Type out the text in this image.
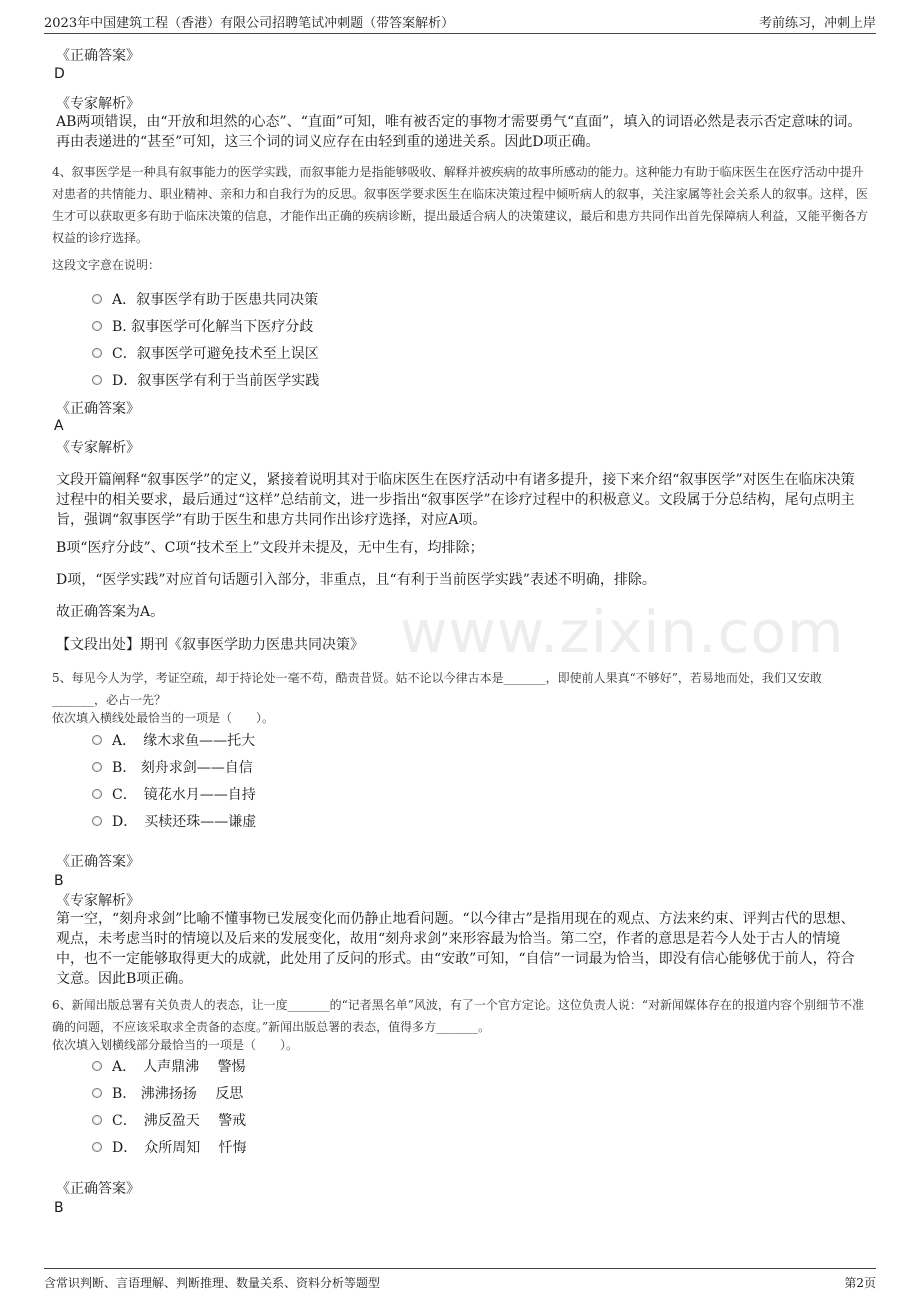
2023年中国建筑工程（香港）有限公司招聘笔试冲刺题（带答案解析）	考前练习，冲刺上岸
www.zixin.com
《正确答案》
D
《专家解析》
AB两项错误，由“开放和坦然的心态”、“直面”可知，唯有被否定的事物才需要勇气“直面”，填入的词语必然是表示否定意味的词。再由表递进的“甚至”可知，这三个词的词义应存在由轻到重的递进关系。因此D项正确。
4、叙事医学是一种具有叙事能力的医学实践，而叙事能力是指能够吸收、解释并被疾病的故事所感动的能力。这种能力有助于临床医生在医疗活动中提升对患者的共情能力、职业精神、亲和力和自我行为的反思。叙事医学要求医生在临床决策过程中倾听病人的叙事，关注家属等社会关系人的叙事。这样，医生才可以获取更多有助于临床决策的信息，才能作出正确的疾病诊断，提出最适合病人的决策建议，最后和患方共同作出首先保障病人利益，又能平衡各方权益的诊疗选择。
这段文字意在说明：
A．叙事医学有助于医患共同决策
B. 叙事医学可化解当下医疗分歧
C．叙事医学可避免技术至上误区
D．叙事医学有利于当前医学实践
《正确答案》
A
《专家解析》
文段开篇阐释“叙事医学”的定义，紧接着说明其对于临床医生在医疗活动中有诸多提升，接下来介绍“叙事医学”对医生在临床决策过程中的相关要求，最后通过“这样”总结前文，进一步指出“叙事医学”在诊疗过程中的积极意义。文段属于分总结构，尾句点明主旨，强调“叙事医学”有助于医生和患方共同作出诊疗选择，对应A项。
B项“医疗分歧”、C项“技术至上”文段并未提及，无中生有，均排除；
D项，“医学实践”对应首句话题引入部分，非重点，且“有利于当前医学实践”表述不明确，排除。
故正确答案为A。
【文段出处】期刊《叙事医学助力医患共同决策》
5、每见今人为学，考证空疏，却于持论处一毫不苟，酷责昔贤。姑不论以今律古本是_______，即使前人果真“不够好”，若易地而处，我们又安敢_______，必占一先？
依次填入横线处最恰当的一项是（　　）。
A．　缘木求鱼——托大
B.　刻舟求剑——自信
C．　镜花水月——自持
D．　买椟还珠——谦虚
《正确答案》
B
《专家解析》
第一空，“刻舟求剑”比喻不懂事物已发展变化而仍静止地看问题。“以今律古”是指用现在的观点、方法来约束、评判古代的思想、观点，未考虑当时的情境以及后来的发展变化，故用“刻舟求剑”来形容最为恰当。第二空，作者的意思是若今人处于古人的情境中，也不一定能够取得更大的成就，此处用了反问的形式。由“安敢”可知，“自信”一词最为恰当，即没有信心能够优于前人，符合文意。因此B项正确。
6、新闻出版总署有关负责人的表态，让一度_______的“记者黑名单”风波，有了一个官方定论。这位负责人说：“对新闻媒体存在的报道内容个别细节不准确的问题，不应该采取求全责备的态度。”新闻出版总署的表态，值得多方_______。
依次填入划横线部分最恰当的一项是（　　）。
A．　人声鼎沸　 警惕
B.　沸沸扬扬　 反思
C．　沸反盈天　 警戒
D．　众所周知　 忏悔
《正确答案》
B
含常识判断、言语理解、判断推理、数量关系、资料分析等题型	第2页
